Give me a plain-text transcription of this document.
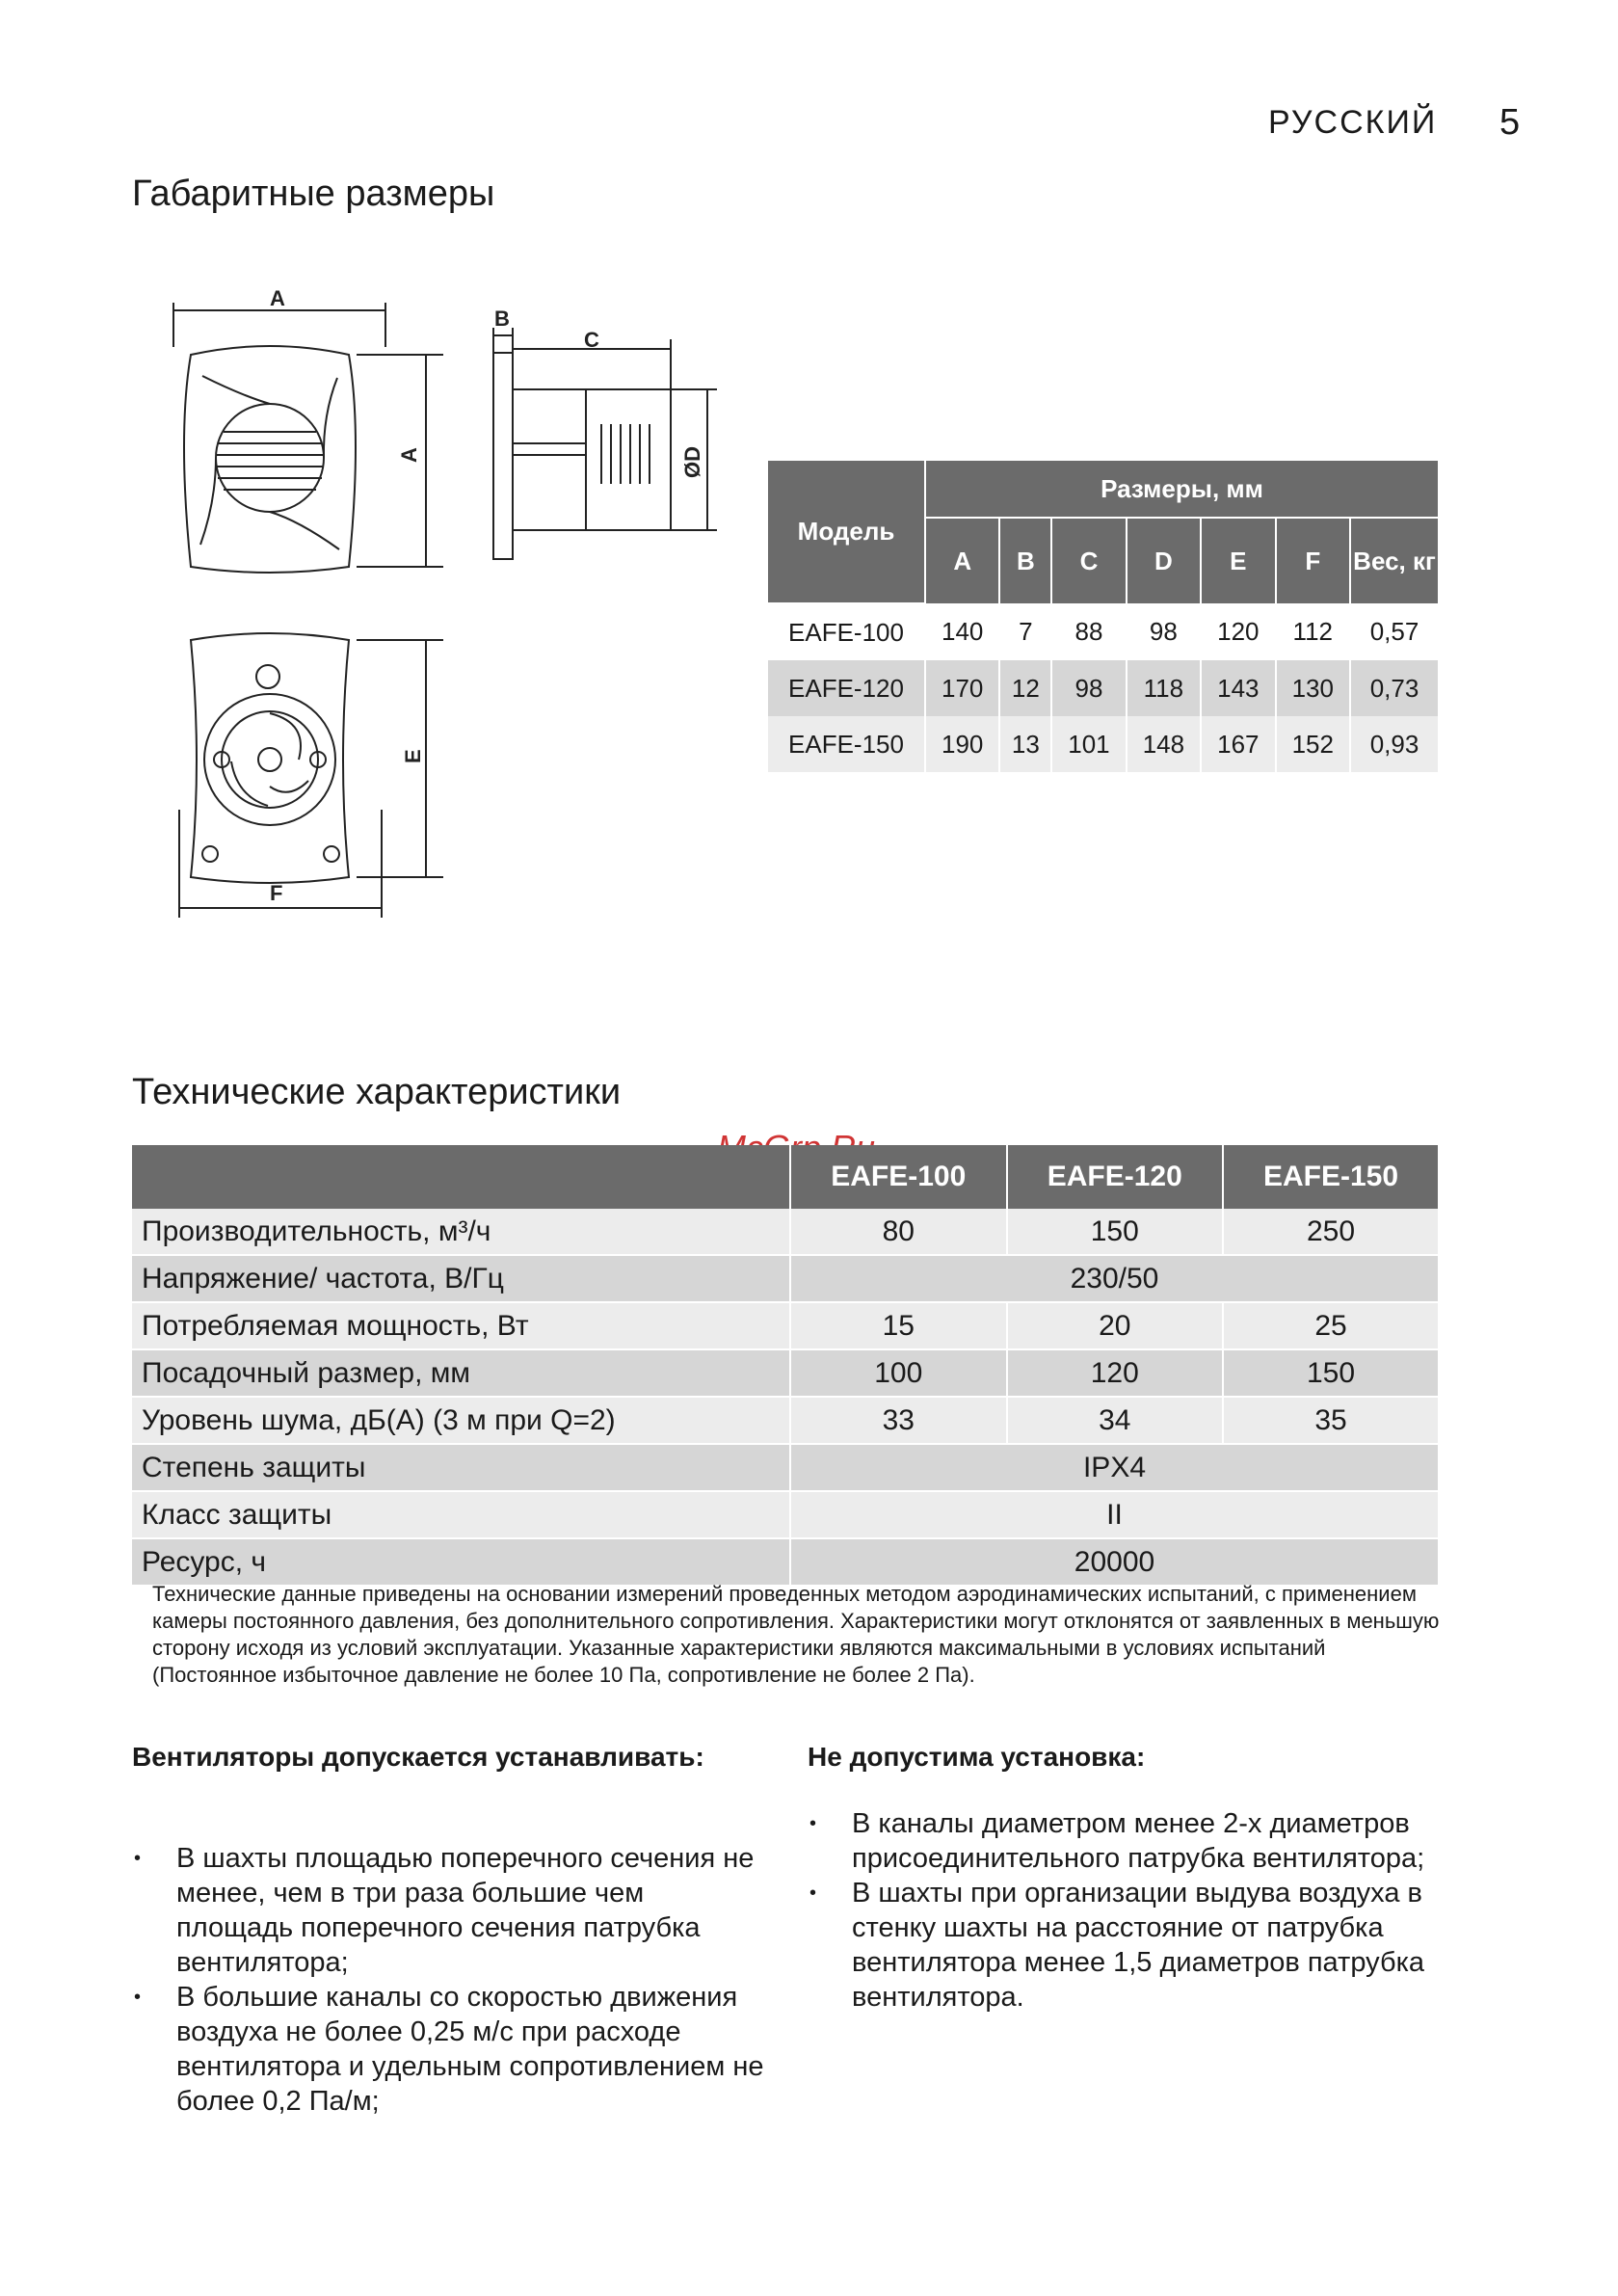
РУССКИЙ 5
Габаритные размеры
A
A
B
C
ØD
E
F
Модель	Размеры, мм						
	A	B	C	D	E	F	Вес, кг
EAFE-100	140	7	88	98	120	112	0,57
EAFE-120	170	12	98	118	143	130	0,73
EAFE-150	190	13	101	148	167	152	0,93
Технические характеристики
	EAFE-100	EAFE-120	EAFE-150
Производительность, м³/ч	80	150	250
Напряжение/ частота, В/Гц	230/50		
Потребляемая мощность, Вт	15	20	25
Посадочный размер, мм	100	120	150
Уровень шума, дБ(А) (3 м при Q=2)	33	34	35
Степень защиты	IPX4		
Класс защиты	II		
Ресурс, ч	20000		
Технические данные приведены на основании измерений проведенных методом аэродинамических испытаний, с применением камеры постоянного давления, без дополнительного сопротивления. Характеристики могут отклонятся от заявленных в меньшую сторону исходя из условий эксплуатации. Указанные характеристики являются максимальными в условиях испытаний (Постоянное избыточное давление не более 10 Па, сопротивление не более 2 Па).
Вентиляторы допускается устанавливать:
• В шахты площадью поперечного сечения не менее, чем в три раза большие чем площадь поперечного сечения патрубка вентилятора;
• В большие каналы со скоростью движения воздуха не более 0,25 м/с при расходе вентилятора и удельным сопротивлением не более 0,2 Па/м;
Не допустима установка:
• В каналы диаметром менее 2-х диаметров присоединительного патрубка вентилятора;
• В шахты при организации выдува воздуха в стенку шахты на расстояние от патрубка вентилятора менее 1,5 диаметров патрубка вентилятора.
